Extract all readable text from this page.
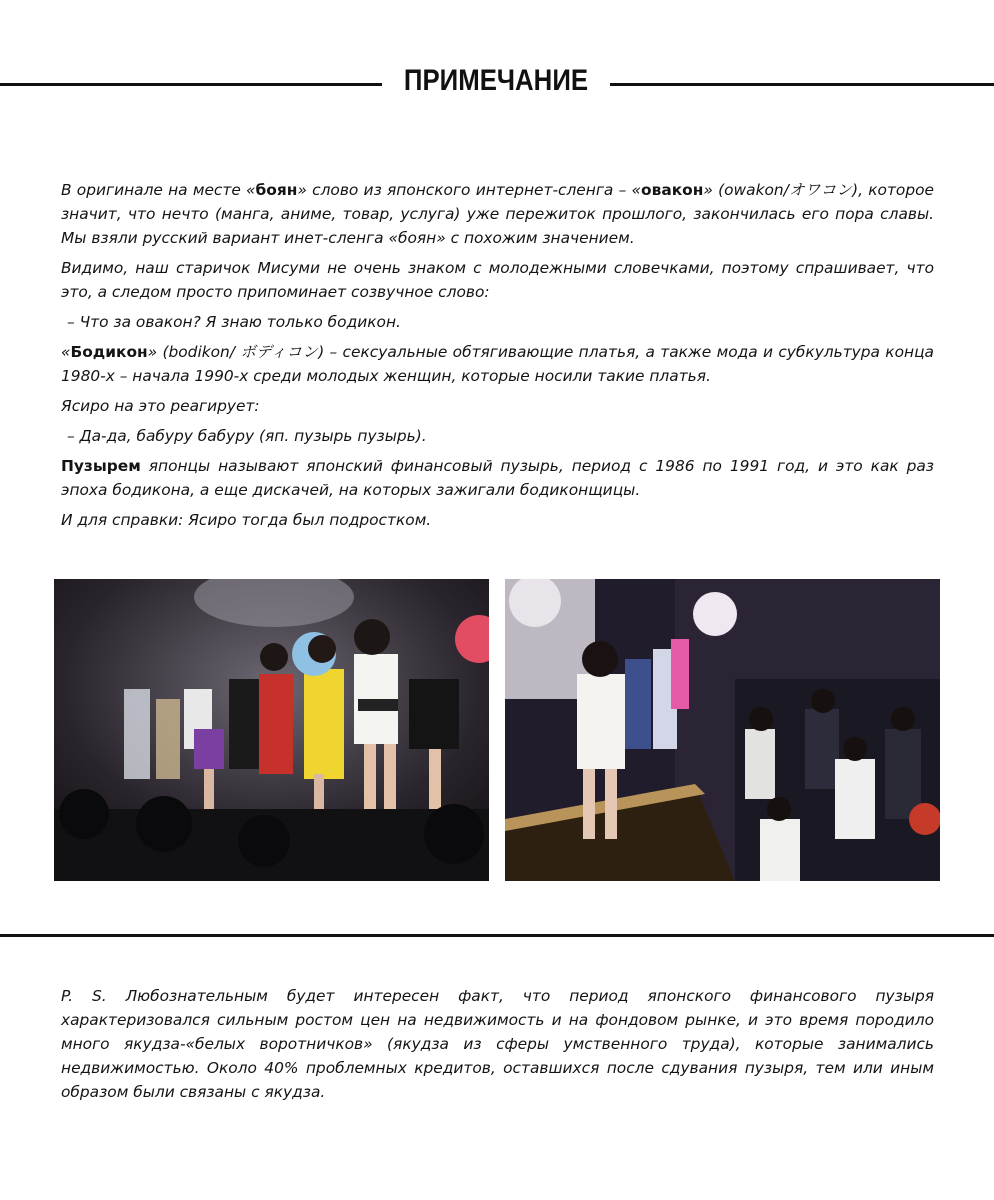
ПРИМЕЧАНИЕ

В оригинале на месте «боян» слово из японского интернет-сленга – «овакон» (owakon/オワコン), которое значит, что нечто (манга, аниме, товар, услуга) уже пережиток прошлого, закончилась его пора славы. Мы взяли русский вариант инет-сленга «боян» с похожим значением.

Видимо, наш старичок Мисуми не очень знаком с молодежными словечками, поэтому спрашивает, что это, а следом просто припоминает созвучное слово:

– Что за овакон? Я знаю только бодикон.

«Бодикон» (bodikon/ ボディコン) – сексуальные обтягивающие платья, а также мода и субкультура конца 1980-х – начала 1990-х среди молодых женщин, которые носили такие платья.

Ясиро на это реагирует:

– Да-да, бабуру бабуру (яп. пузырь пузырь).

Пузырем японцы называют японский финансовый пузырь, период с 1986 по 1991 год, и это как раз эпоха бодикона, а еще дискачей, на которых зажигали бодиконщицы.

И для справки: Ясиро тогда был подростком.

P. S. Любознательным будет интересен факт, что период японского финансового пузыря характеризовался сильным ростом цен на недвижимость и на фондовом рынке, и это время породило много якудза-«белых воротничков» (якудза из сферы умственного труда), которые занимались недвижимостью. Около 40% проблемных кредитов, оставшихся после сдувания пузыря, тем или иным образом были связаны с якудза.
